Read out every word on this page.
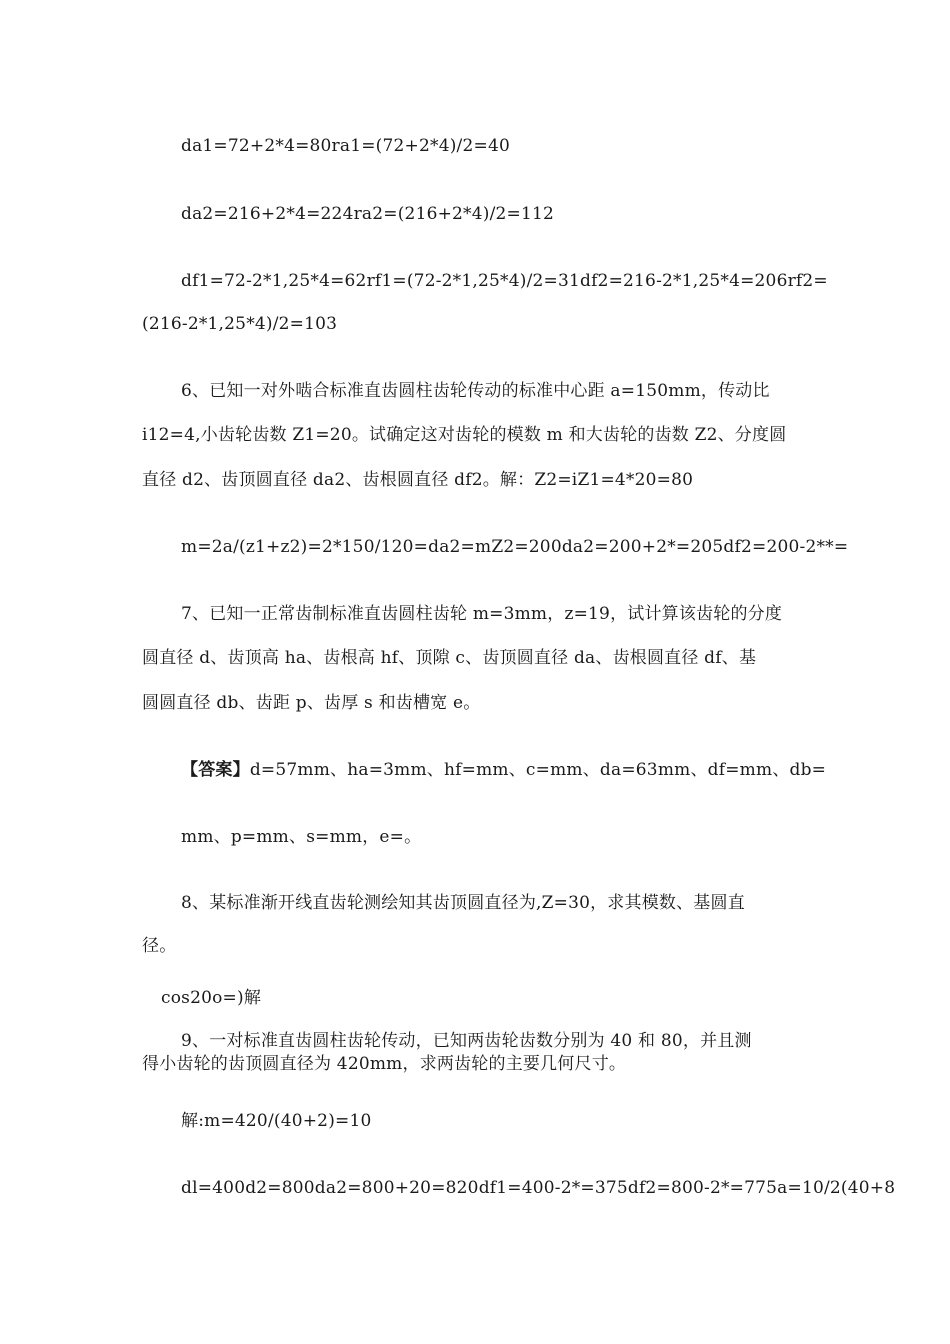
da1=72+2*4=80ra1=(72+2*4)/2=40
da2=216+2*4=224ra2=(216+2*4)/2=112
df1=72-2*1,25*4=62rf1=(72-2*1,25*4)/2=31df2=216-2*1,25*4=206rf2=
(216-2*1,25*4)/2=103
6、已知一对外啮合标准直齿圆柱齿轮传动的标准中心距 a=150mm，传动比
i12=4,小齿轮齿数 Z1=20。试确定这对齿轮的模数 m 和大齿轮的齿数 Z2、分度圆
直径 d2、齿顶圆直径 da2、齿根圆直径 df2。解：Z2=iZ1=4*20=80
m=2a/(z1+z2)=2*150/120=da2=mZ2=200da2=200+2*=205df2=200-2**=
7、已知一正常齿制标准直齿圆柱齿轮 m=3mm，z=19，试计算该齿轮的分度
圆直径 d、齿顶高 ha、齿根高 hf、顶隙 c、齿顶圆直径 da、齿根圆直径 df、基
圆圆直径 db、齿距 p、齿厚 s 和齿槽宽 e。
【答案】d=57mm、ha=3mm、hf=mm、c=mm、da=63mm、df=mm、db=
mm、p=mm、s=mm，e=。
8、某标准渐开线直齿轮测绘知其齿顶圆直径为,Z=30，求其模数、基圆直
径。
cos20o=)解
9、一对标准直齿圆柱齿轮传动，已知两齿轮齿数分别为 40 和 80，并且测
得小齿轮的齿顶圆直径为 420mm，求两齿轮的主要几何尺寸。
解:m=420/(40+2)=10
dl=400d2=800da2=800+20=820df1=400-2*=375df2=800-2*=775a=10/2(40+8
